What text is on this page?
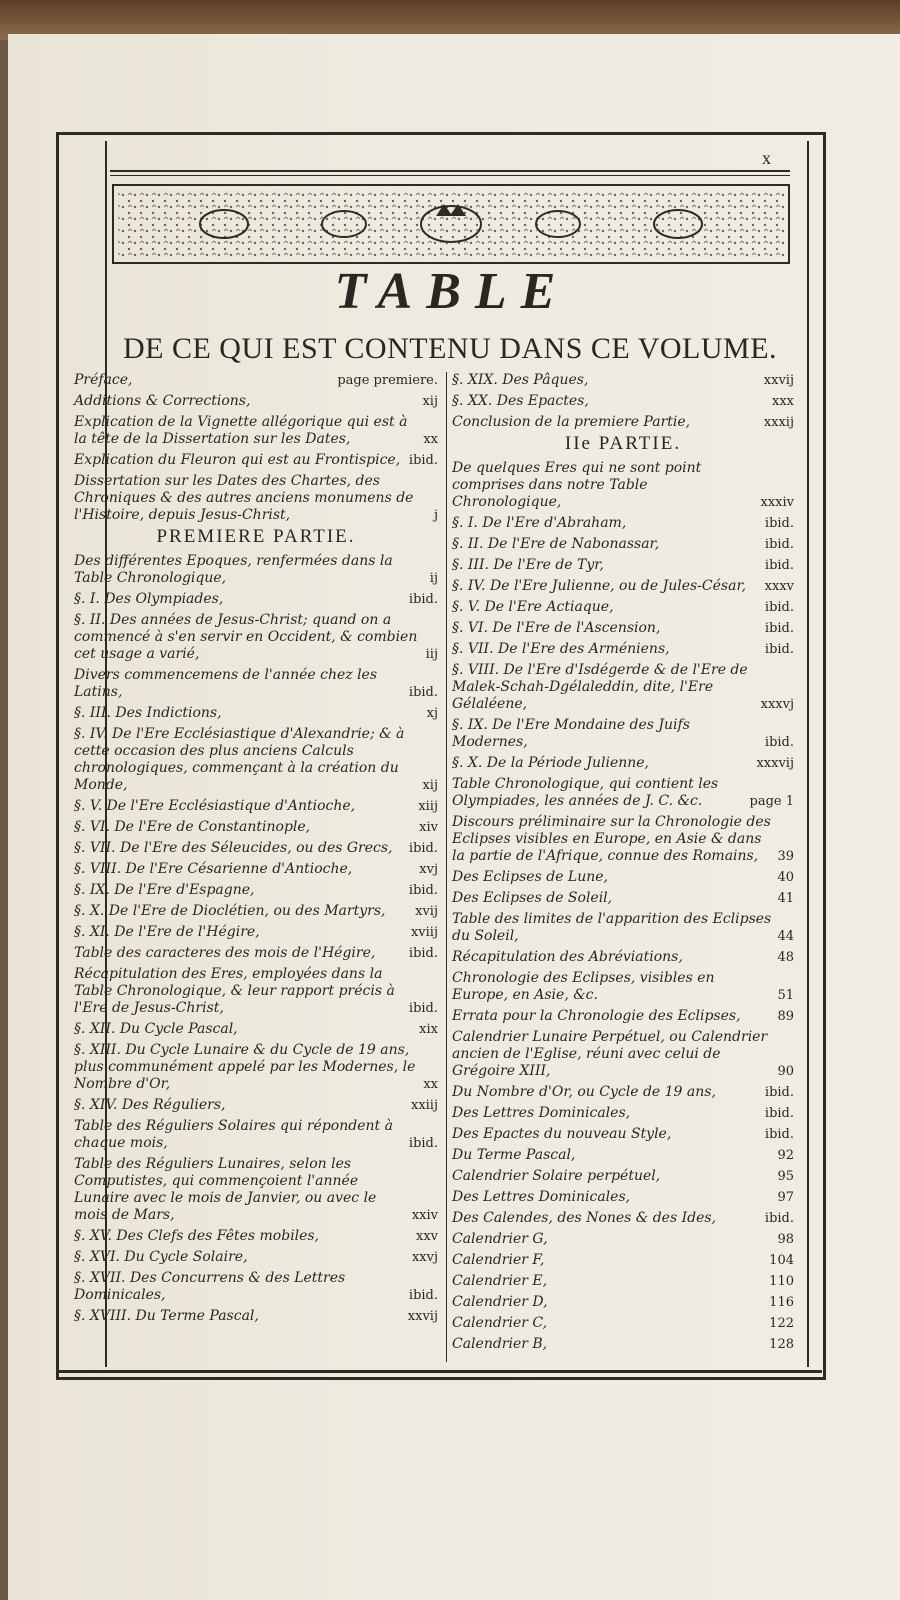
x
TABLE
DE CE QUI EST CONTENU DANS CE VOLUME.
Préface,	page premiere.
Additions & Corrections,	xij
Explication de la Vignette allégorique qui est à la tête de la Dissertation sur les Dates,	xx
Explication du Fleuron qui est au Frontispice, ibid.
Dissertation sur les Dates des Chartes, des Chroniques & des autres anciens monumens de l'Histoire, depuis Jesus-Christ,	j
PREMIERE PARTIE.
Des différentes Epoques, renfermées dans la Table Chronologique,	ij
§. I. Des Olympiades,	ibid.
§. II. Des années de Jesus-Christ; quand on a commencé à s'en servir en Occident, & combien cet usage a varié,	iij
Divers commencemens de l'année chez les Latins,	ibid.
§. III. Des Indictions,	xj
§. IV. De l'Ere Ecclésiastique d'Alexandrie; & à cette occasion des plus anciens Calculs chronologiques, commençant à la création du Monde,	xij
§. V. De l'Ere Ecclésiastique d'Antioche,	xiij
§. VI. De l'Ere de Constantinople,	xiv
§. VII. De l'Ere des Séleucides, ou des Grecs,	ibid.
§. VIII. De l'Ere Césarienne d'Antioche,	xvj
§. IX. De l'Ere d'Espagne,	ibid.
§. X. De l'Ere de Dioclétien, ou des Martyrs,	xvij
§. XI. De l'Ere de l'Hégire,	xviij
Table des caracteres des mois de l'Hégire,	ibid.
Récapitulation des Eres, employées dans la Table Chronologique, & leur rapport précis à l'Ere de Jesus-Christ,	ibid.
§. XII. Du Cycle Pascal,	xix
§. XIII. Du Cycle Lunaire & du Cycle de 19 ans, plus communément appelé par les Modernes, le Nombre d'Or,	xx
§. XIV. Des Réguliers,	xxiij
Table des Réguliers Solaires qui répondent à chaque mois,	ibid.
Table des Réguliers Lunaires, selon les Computistes, qui commençoient l'année Lunaire avec le mois de Janvier, ou avec le mois de Mars,	xxiv
§. XV. Des Clefs des Fêtes mobiles,	xxv
§. XVI. Du Cycle Solaire,	xxvj
§. XVII. Des Concurrens & des Lettres Dominicales,	ibid.
§. XVIII. Du Terme Pascal,	xxvij
§. XIX. Des Pâques,	xxvij
§. XX. Des Epactes,	xxx
Conclusion de la premiere Partie,	xxxij
IIe PARTIE.
De quelques Eres qui ne sont point comprises dans notre Table Chronologique,	xxxiv
§. I. De l'Ere d'Abraham,	ibid.
§. II. De l'Ere de Nabonassar,	ibid.
§. III. De l'Ere de Tyr,	ibid.
§. IV. De l'Ere Julienne, ou de Jules-César,	xxxv
§. V. De l'Ere Actiaque,	ibid.
§. VI. De l'Ere de l'Ascension,	ibid.
§. VII. De l'Ere des Arméniens,	ibid.
§. VIII. De l'Ere d'Isdégerde & de l'Ere de Malek-Schah-Dgélaleddin, dite, l'Ere Gélaléene,	xxxvj
§. IX. De l'Ere Mondaine des Juifs Modernes,	ibid.
§. X. De la Période Julienne,	xxxvij
Table Chronologique, qui contient les Olympiades, les années de J. C. &c.	page 1
Discours préliminaire sur la Chronologie des Eclipses visibles en Europe, en Asie & dans la partie de l'Afrique, connue des Romains,	39
Des Eclipses de Lune,	40
Des Eclipses de Soleil,	41
Table des limites de l'apparition des Eclipses du Soleil,	44
Récapitulation des Abréviations,	48
Chronologie des Eclipses, visibles en Europe, en Asie, &c.	51
Errata pour la Chronologie des Eclipses,	89
Calendrier Lunaire Perpétuel, ou Calendrier ancien de l'Eglise, réuni avec celui de Grégoire XIII,	90
Du Nombre d'Or, ou Cycle de 19 ans,	ibid.
Des Lettres Dominicales,	ibid.
Des Epactes du nouveau Style,	ibid.
Du Terme Pascal,	92
Calendrier Solaire perpétuel,	95
Des Lettres Dominicales,	97
Des Calendes, des Nones & des Ides,	ibid.
Calendrier G,	98
Calendrier F,	104
Calendrier E,	110
Calendrier D,	116
Calendrier C,	122
Calendrier B,	128
